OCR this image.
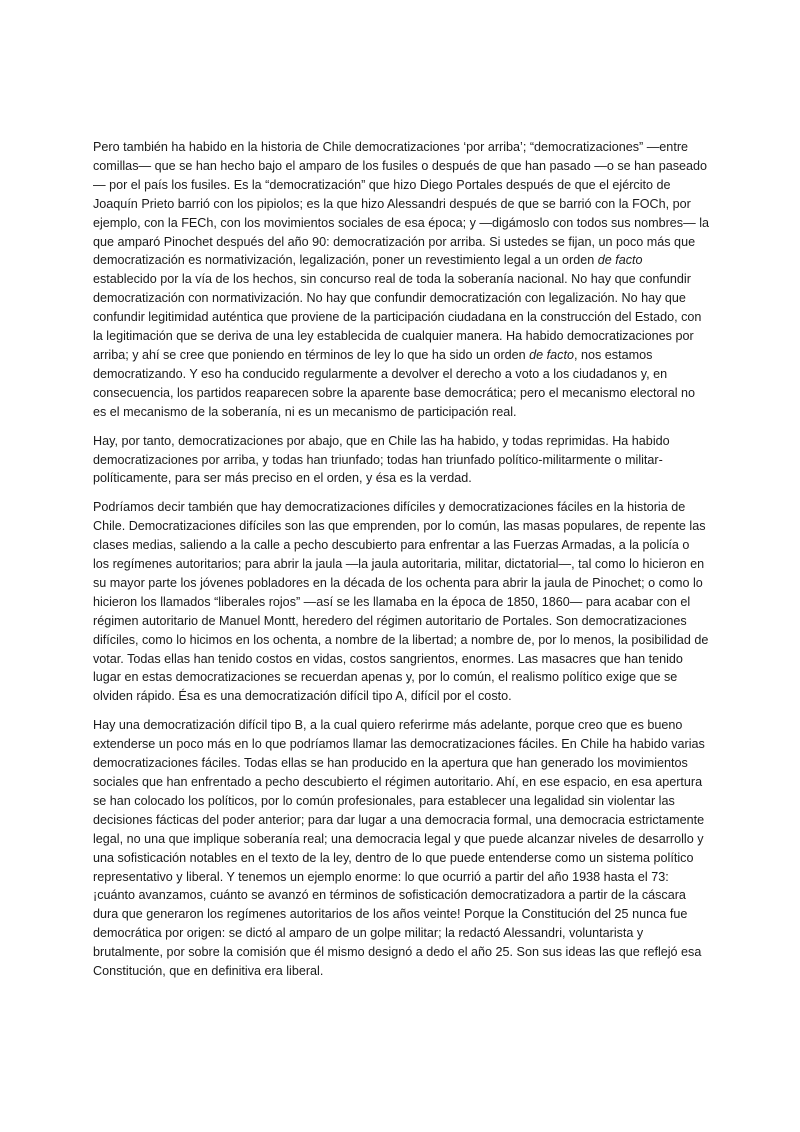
Pero también ha habido en la historia de Chile democratizaciones ‘por arriba’; “democratizaciones” —entre comillas— que se han hecho bajo el amparo de los fusiles o después de que han pasado —o se han paseado— por el país los fusiles. Es la “democratización” que hizo Diego Portales después de que el ejército de Joaquín Prieto barrió con los pipiolos; es la que hizo Alessandri después de que se barrió con la FOCh, por ejemplo, con la FECh, con los movimientos sociales de esa época; y —digámoslo con todos sus nombres— la que amparó Pinochet después del año 90: democratización por arriba. Si ustedes se fijan, un poco más que democratización es normativización, legalización, poner un revestimiento legal a un orden de facto establecido por la vía de los hechos, sin concurso real de toda la soberanía nacional. No hay que confundir democratización con normativización. No hay que confundir democratización con legalización. No hay que confundir legitimidad auténtica que proviene de la participación ciudadana en la construcción del Estado, con la legitimación que se deriva de una ley establecida de cualquier manera. Ha habido democratizaciones por arriba; y ahí se cree que poniendo en términos de ley lo que ha sido un orden de facto, nos estamos democratizando. Y eso ha conducido regularmente a devolver el derecho a voto a los ciudadanos y, en consecuencia, los partidos reaparecen sobre la aparente base democrática; pero el mecanismo electoral no es el mecanismo de la soberanía, ni es un mecanismo de participación real.

Hay, por tanto, democratizaciones por abajo, que en Chile las ha habido, y todas reprimidas. Ha habido democratizaciones por arriba, y todas han triunfado; todas han triunfado político-militarmente o militar-políticamente, para ser más preciso en el orden, y ésa es la verdad.

Podríamos decir también que hay democratizaciones difíciles y democratizaciones fáciles en la historia de Chile. Democratizaciones difíciles son las que emprenden, por lo común, las masas populares, de repente las clases medias, saliendo a la calle a pecho descubierto para enfrentar a las Fuerzas Armadas, a la policía o los regímenes autoritarios; para abrir la jaula —la jaula autoritaria, militar, dictatorial—, tal como lo hicieron en su mayor parte los jóvenes pobladores en la década de los ochenta para abrir la jaula de Pinochet; o como lo hicieron los llamados “liberales rojos” —así se les llamaba en la época de 1850, 1860— para acabar con el régimen autoritario de Manuel Montt, heredero del régimen autoritario de Portales. Son democratizaciones difíciles, como lo hicimos en los ochenta, a nombre de la libertad; a nombre de, por lo menos, la posibilidad de votar. Todas ellas han tenido costos en vidas, costos sangrientos, enormes. Las masacres que han tenido lugar en estas democratizaciones se recuerdan apenas y, por lo común, el realismo político exige que se olviden rápido. Ésa es una democratización difícil tipo A, difícil por el costo.

Hay una democratización difícil tipo B, a la cual quiero referirme más adelante, porque creo que es bueno extenderse un poco más en lo que podríamos llamar las democratizaciones fáciles. En Chile ha habido varias democratizaciones fáciles. Todas ellas se han producido en la apertura que han generado los movimientos sociales que han enfrentado a pecho descubierto el régimen autoritario. Ahí, en ese espacio, en esa apertura se han colocado los políticos, por lo común profesionales, para establecer una legalidad sin violentar las decisiones fácticas del poder anterior; para dar lugar a una democracia formal, una democracia estrictamente legal, no una que implique soberanía real; una democracia legal y que puede alcanzar niveles de desarrollo y una sofisticación notables en el texto de la ley, dentro de lo que puede entenderse como un sistema político representativo y liberal. Y tenemos un ejemplo enorme: lo que ocurrió a partir del año 1938 hasta el 73: ¡cuánto avanzamos, cuánto se avanzó en términos de sofisticación democratizadora a partir de la cáscara dura que generaron los regímenes autoritarios de los años veinte! Porque la Constitución del 25 nunca fue democrática por origen: se dictó al amparo de un golpe militar; la redactó Alessandri, voluntarista y brutalmente, por sobre la comisión que él mismo designó a dedo el año 25. Son sus ideas las que reflejó esa Constitución, que en definitiva era liberal.
